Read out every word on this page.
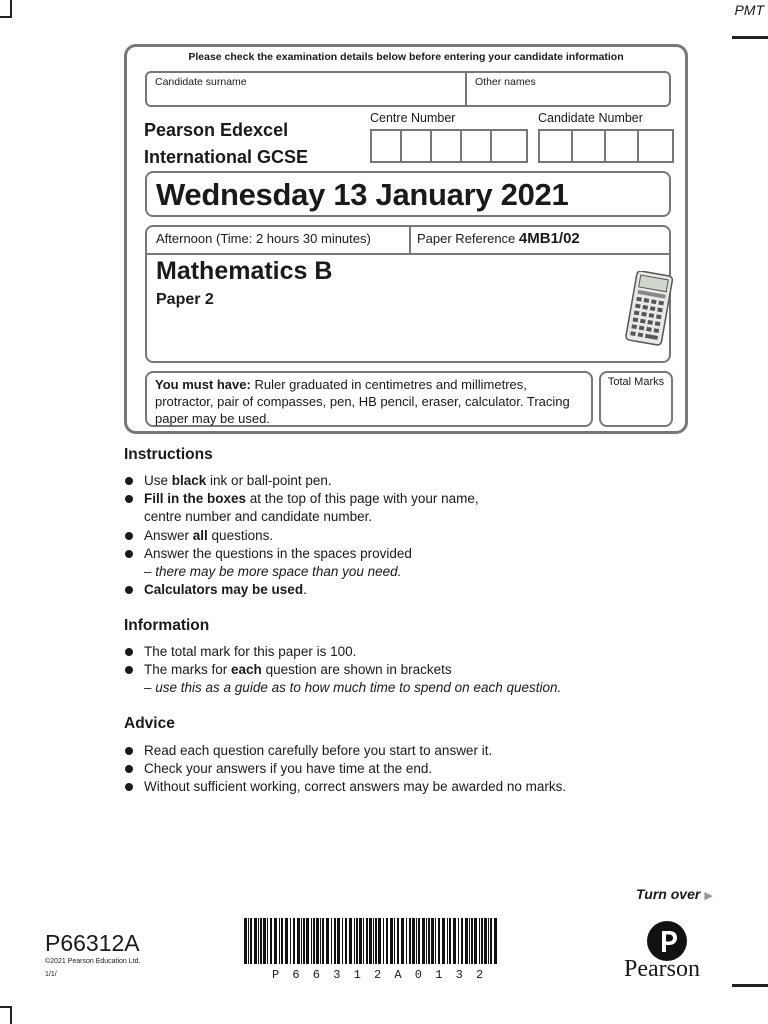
PMT
Please check the examination details below before entering your candidate information
Candidate surname	Other names
Pearson Edexcel
International GCSE
Centre Number	Candidate Number
Wednesday 13 January 2021
Afternoon (Time: 2 hours 30 minutes)	Paper Reference 4MB1/02
Mathematics B
Paper 2
You must have: Ruler graduated in centimetres and millimetres, protractor, pair of compasses, pen, HB pencil, eraser, calculator. Tracing paper may be used.
Total Marks
Instructions
Use black ink or ball-point pen.
Fill in the boxes at the top of this page with your name,
centre number and candidate number.
Answer all questions.
Answer the questions in the spaces provided
– there may be more space than you need.
Calculators may be used.
Information
The total mark for this paper is 100.
The marks for each question are shown in brackets
– use this as a guide as to how much time to spend on each question.
Advice
Read each question carefully before you start to answer it.
Check your answers if you have time at the end.
Without sufficient working, correct answers may be awarded no marks.
Turn over ▶
P66312A
©2021 Pearson Education Ltd.
1/1/	P66312A0132	Pearson
